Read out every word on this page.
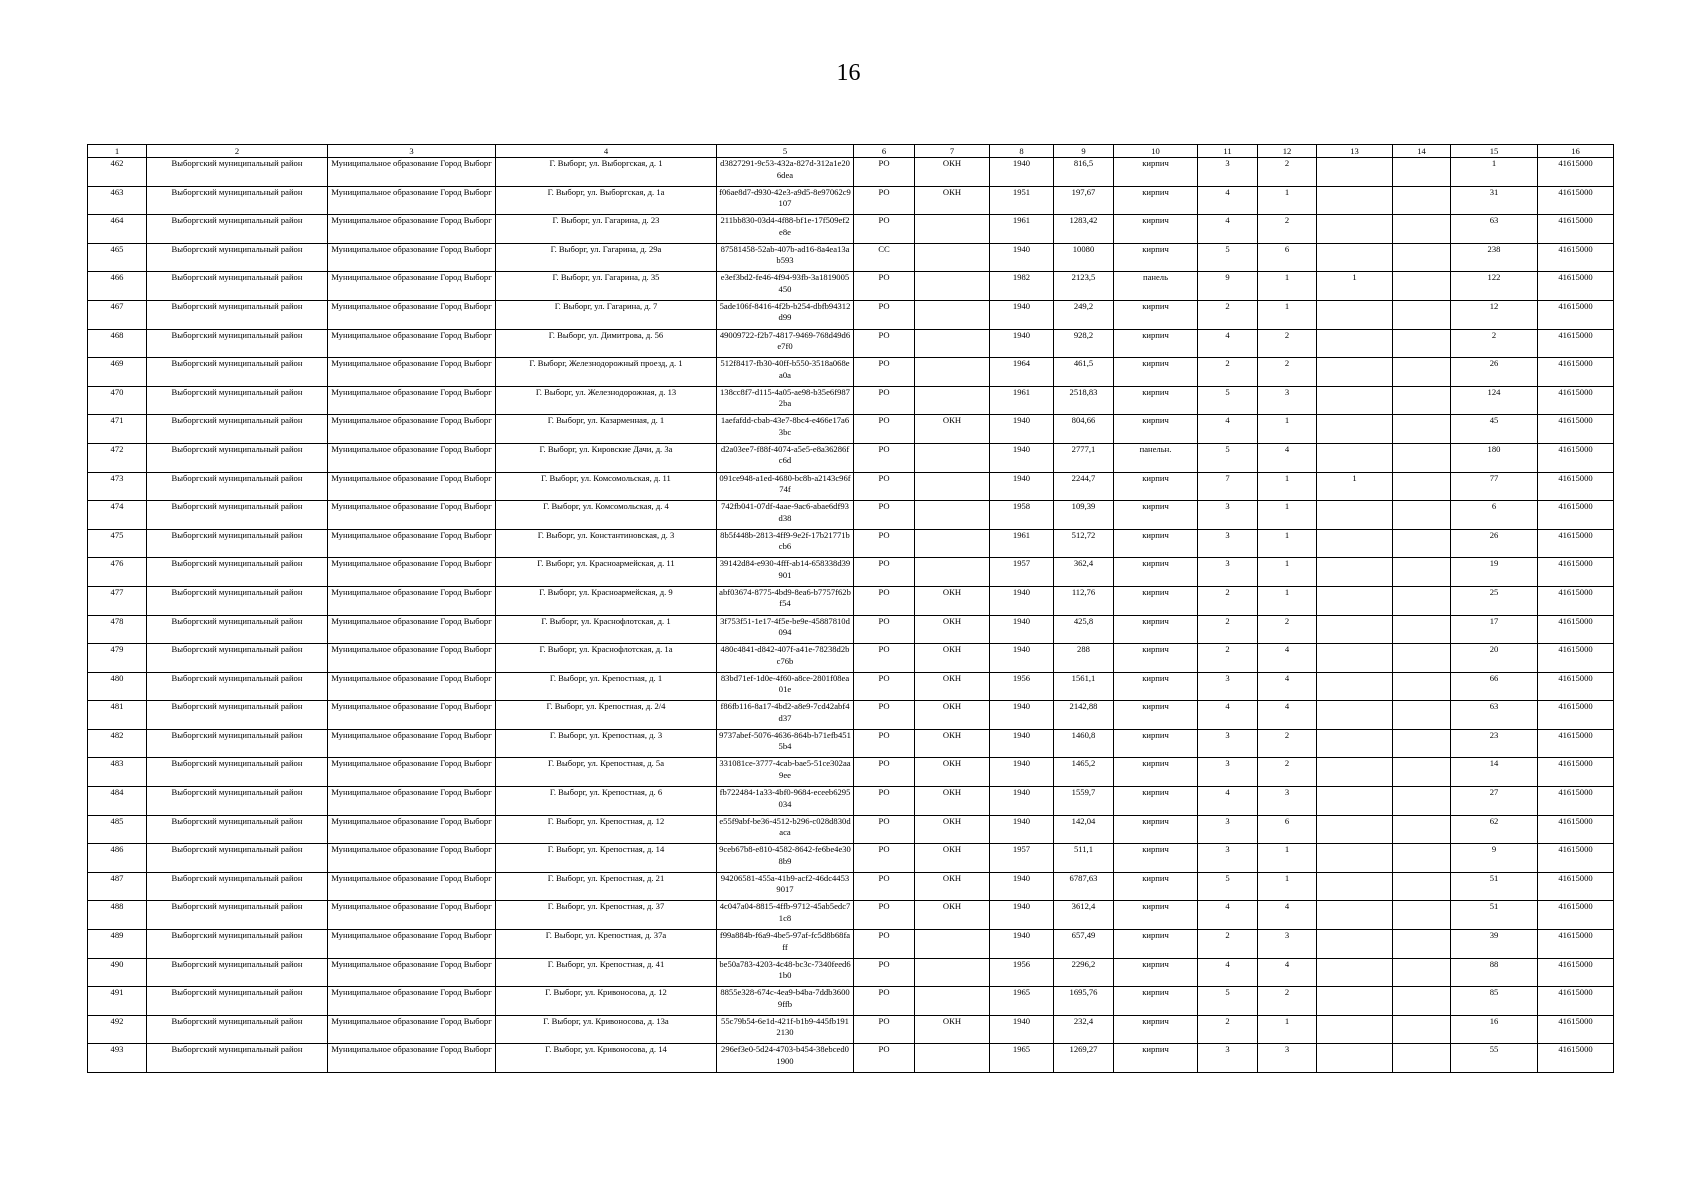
16
1	2	3	4	5	6	7	8	9	10	11	12	13	14	15	16
462	Выборгский муниципальный район	Муниципальное образование Город Выборг	Г. Выборг, ул. Выборгская, д. 1	d3827291-9c53-432a-827d-312a1e206dea	РО	ОКН	1940	816,5	кирпич	3	2			1	41615000
463	Выборгский муниципальный район	Муниципальное образование Город Выборг	Г. Выборг, ул. Выборгская, д. 1а	f06ae8d7-d930-42e3-a9d5-8e97062c9107	РО	ОКН	1951	197,67	кирпич	4	1			31	41615000
464	Выборгский муниципальный район	Муниципальное образование Город Выборг	Г. Выборг, ул. Гагарина, д. 23	211bb830-03d4-4f88-bf1e-17f509ef2e8e	РО		1961	1283,42	кирпич	4	2			63	41615000
465	Выборгский муниципальный район	Муниципальное образование Город Выборг	Г. Выборг, ул. Гагарина, д. 29а	87581458-52ab-407b-ad16-8a4ea13ab593	СС		1940	10080	кирпич	5	6			238	41615000
466	Выборгский муниципальный район	Муниципальное образование Город Выборг	Г. Выборг, ул. Гагарина, д. 35	e3ef3bd2-fe46-4f94-93fb-3a1819005450	РО		1982	2123,5	панель	9	1	1		122	41615000
467	Выборгский муниципальный район	Муниципальное образование Город Выборг	Г. Выборг, ул. Гагарина, д. 7	5ade106f-8416-4f2b-b254-dbfb94312d99	РО		1940	249,2	кирпич	2	1			12	41615000
468	Выборгский муниципальный район	Муниципальное образование Город Выборг	Г. Выборг, ул. Димитрова, д. 56	49009722-f2b7-4817-9469-768d49d6e7f0	РО		1940	928,2	кирпич	4	2			2	41615000
469	Выборгский муниципальный район	Муниципальное образование Город Выборг	Г. Выборг, Железнодорожный проезд, д. 1	512f8417-fb30-40ff-b550-3518a068ea0a	РО		1964	461,5	кирпич	2	2			26	41615000
470	Выборгский муниципальный район	Муниципальное образование Город Выборг	Г. Выборг, ул. Железнодорожная, д. 13	138cc8f7-d115-4a05-ae98-b35e6f9872ba	РО		1961	2518,83	кирпич	5	3			124	41615000
471	Выборгский муниципальный район	Муниципальное образование Город Выборг	Г. Выборг, ул. Казарменная, д. 1	1aefafdd-cbab-43e7-8bc4-e466e17a63bc	РО	ОКН	1940	804,66	кирпич	4	1			45	41615000
472	Выборгский муниципальный район	Муниципальное образование Город Выборг	Г. Выборг, ул. Кировские Дачи, д. 3а	d2a03ee7-f88f-4074-a5e5-e8a36286fc6d	РО		1940	2777,1	панельн.	5	4			180	41615000
473	Выборгский муниципальный район	Муниципальное образование Город Выборг	Г. Выборг, ул. Комсомольская, д. 11	091ce948-a1ed-4680-bc8b-a2143c96f74f	РО		1940	2244,7	кирпич	7	1	1		77	41615000
474	Выборгский муниципальный район	Муниципальное образование Город Выборг	Г. Выборг, ул. Комсомольская, д. 4	742fb041-07df-4aae-9ac6-abae6df93d38	РО		1958	109,39	кирпич	3	1			6	41615000
475	Выборгский муниципальный район	Муниципальное образование Город Выборг	Г. Выборг, ул. Константиновская, д. 3	8b5f448b-2813-4ff9-9e2f-17b21771bcb6	РО		1961	512,72	кирпич	3	1			26	41615000
476	Выборгский муниципальный район	Муниципальное образование Город Выборг	Г. Выборг, ул. Красноармейская, д. 11	39142d84-e930-4fff-ab14-658338d39901	РО		1957	362,4	кирпич	3	1			19	41615000
477	Выборгский муниципальный район	Муниципальное образование Город Выборг	Г. Выборг, ул. Красноармейская, д. 9	abf03674-8775-4bd9-8ea6-b7757f62bf54	РО	ОКН	1940	112,76	кирпич	2	1			25	41615000
478	Выборгский муниципальный район	Муниципальное образование Город Выборг	Г. Выборг, ул. Краснофлотская, д. 1	3f753f51-1e17-4f5e-be9e-45887810d094	РО	ОКН	1940	425,8	кирпич	2	2			17	41615000
479	Выборгский муниципальный район	Муниципальное образование Город Выборг	Г. Выборг, ул. Краснофлотская, д. 1а	480c4841-d842-407f-a41e-78238d2bc76b	РО	ОКН	1940	288	кирпич	2	4			20	41615000
480	Выборгский муниципальный район	Муниципальное образование Город Выборг	Г. Выборг, ул. Крепостная, д. 1	83bd71ef-1d0e-4f60-a8ce-2801f08ea01e	РО	ОКН	1956	1561,1	кирпич	3	4			66	41615000
481	Выборгский муниципальный район	Муниципальное образование Город Выборг	Г. Выборг, ул. Крепостная, д. 2/4	f86fb116-8a17-4bd2-a8e9-7cd42abf4d37	РО	ОКН	1940	2142,88	кирпич	4	4			63	41615000
482	Выборгский муниципальный район	Муниципальное образование Город Выборг	Г. Выборг, ул. Крепостная, д. 3	9737abef-5076-4636-864b-b71efb4515b4	РО	ОКН	1940	1460,8	кирпич	3	2			23	41615000
483	Выборгский муниципальный район	Муниципальное образование Город Выборг	Г. Выборг, ул. Крепостная, д. 5а	331081ce-3777-4cab-bae5-51ce302aa9ee	РО	ОКН	1940	1465,2	кирпич	3	2			14	41615000
484	Выборгский муниципальный район	Муниципальное образование Город Выборг	Г. Выборг, ул. Крепостная, д. 6	fb722484-1a33-4bf0-9684-eceeb6295034	РО	ОКН	1940	1559,7	кирпич	4	3			27	41615000
485	Выборгский муниципальный район	Муниципальное образование Город Выборг	Г. Выборг, ул. Крепостная, д. 12	e55f9abf-be36-4512-b296-c028d830daca	РО	ОКН	1940	142,04	кирпич	3	6			62	41615000
486	Выборгский муниципальный район	Муниципальное образование Город Выборг	Г. Выборг, ул. Крепостная, д. 14	9ceb67b8-e810-4582-8642-fe6be4e308b9	РО	ОКН	1957	511,1	кирпич	3	1			9	41615000
487	Выборгский муниципальный район	Муниципальное образование Город Выборг	Г. Выборг, ул. Крепостная, д. 21	94206581-455a-41b9-acf2-46dc44539017	РО	ОКН	1940	6787,63	кирпич	5	1			51	41615000
488	Выборгский муниципальный район	Муниципальное образование Город Выборг	Г. Выборг, ул. Крепостная, д. 37	4c047a04-8815-4ffb-9712-45ab5edc71c8	РО	ОКН	1940	3612,4	кирпич	4	4			51	41615000
489	Выборгский муниципальный район	Муниципальное образование Город Выборг	Г. Выборг, ул. Крепостная, д. 37а	f99a884b-f6a9-4be5-97af-fc5d8b68faff	РО		1940	657,49	кирпич	2	3			39	41615000
490	Выборгский муниципальный район	Муниципальное образование Город Выборг	Г. Выборг, ул. Крепостная, д. 41	be50a783-4203-4c48-bc3c-7340feed61b0	РО		1956	2296,2	кирпич	4	4			88	41615000
491	Выборгский муниципальный район	Муниципальное образование Город Выборг	Г. Выборг, ул. Кривоносова, д. 12	8855e328-674c-4ea9-b4ba-7ddb36009ffb	РО		1965	1695,76	кирпич	5	2			85	41615000
492	Выборгский муниципальный район	Муниципальное образование Город Выборг	Г. Выборг, ул. Кривоносова, д. 13а	55c79b54-6e1d-421f-b1b9-445fb1912130	РО	ОКН	1940	232,4	кирпич	2	1			16	41615000
493	Выборгский муниципальный район	Муниципальное образование Город Выборг	Г. Выборг, ул. Кривоносова, д. 14	296ef3e0-5d24-4703-b454-38ebced01900	РО		1965	1269,27	кирпич	3	3			55	41615000
